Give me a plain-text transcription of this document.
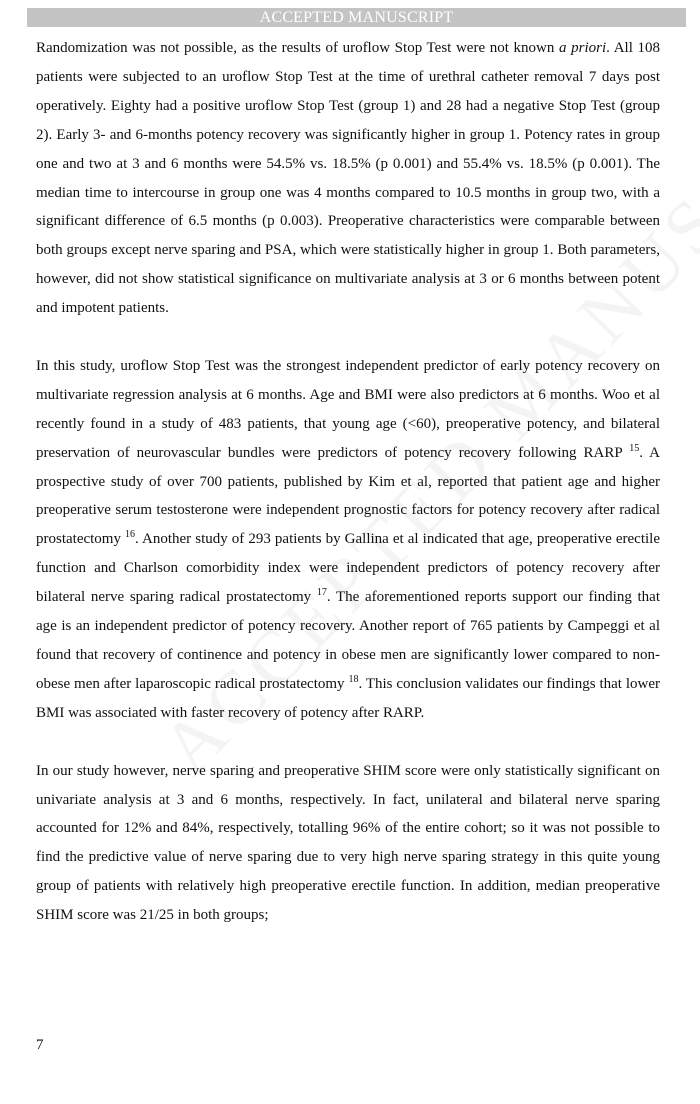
ACCEPTED MANUSCRIPT

Randomization was not possible, as the results of uroflow Stop Test were not known a priori. All 108 patients were subjected to an uroflow Stop Test at the time of urethral catheter removal 7 days post operatively. Eighty had a positive uroflow Stop Test (group 1) and 28 had a negative Stop Test (group 2). Early 3- and 6-months potency recovery was significantly higher in group 1. Potency rates in group one and two at 3 and 6 months were 54.5% vs. 18.5% (p 0.001) and 55.4% vs. 18.5% (p 0.001). The median time to intercourse in group one was 4 months compared to 10.5 months in group two, with a significant difference of 6.5 months (p 0.003). Preoperative characteristics were comparable between both groups except nerve sparing and PSA, which were statistically higher in group 1. Both parameters, however, did not show statistical significance on multivariate analysis at 3 or 6 months between potent and impotent patients.

In this study, uroflow Stop Test was the strongest independent predictor of early potency recovery on multivariate regression analysis at 6 months. Age and BMI were also predictors at 6 months. Woo et al recently found in a study of 483 patients, that young age (<60), preoperative potency, and bilateral preservation of neurovascular bundles were predictors of potency recovery following RARP $^{15}$. A prospective study of over 700 patients, published by Kim et al, reported that patient age and higher preoperative serum testosterone were independent prognostic factors for potency recovery after radical prostatectomy $^{16}$. Another study of 293 patients by Gallina et al indicated that age, preoperative erectile function and Charlson comorbidity index were independent predictors of potency recovery after bilateral nerve sparing radical prostatectomy $^{17}$. The aforementioned reports support our finding that age is an independent predictor of potency recovery. Another report of 765 patients by Campeggi et al found that recovery of continence and potency in obese men are significantly lower compared to non-obese men after laparoscopic radical prostatectomy $^{18}$. This conclusion validates our findings that lower BMI was associated with faster recovery of potency after RARP.

In our study however, nerve sparing and preoperative SHIM score were only statistically significant on univariate analysis at 3 and 6 months, respectively. In fact, unilateral and bilateral nerve sparing accounted for 12% and 84%, respectively, totalling 96% of the entire cohort; so it was not possible to find the predictive value of nerve sparing due to very high nerve sparing strategy in this quite young group of patients with relatively high preoperative erectile function. In addition, median preoperative SHIM score was 21/25 in both groups;

7
